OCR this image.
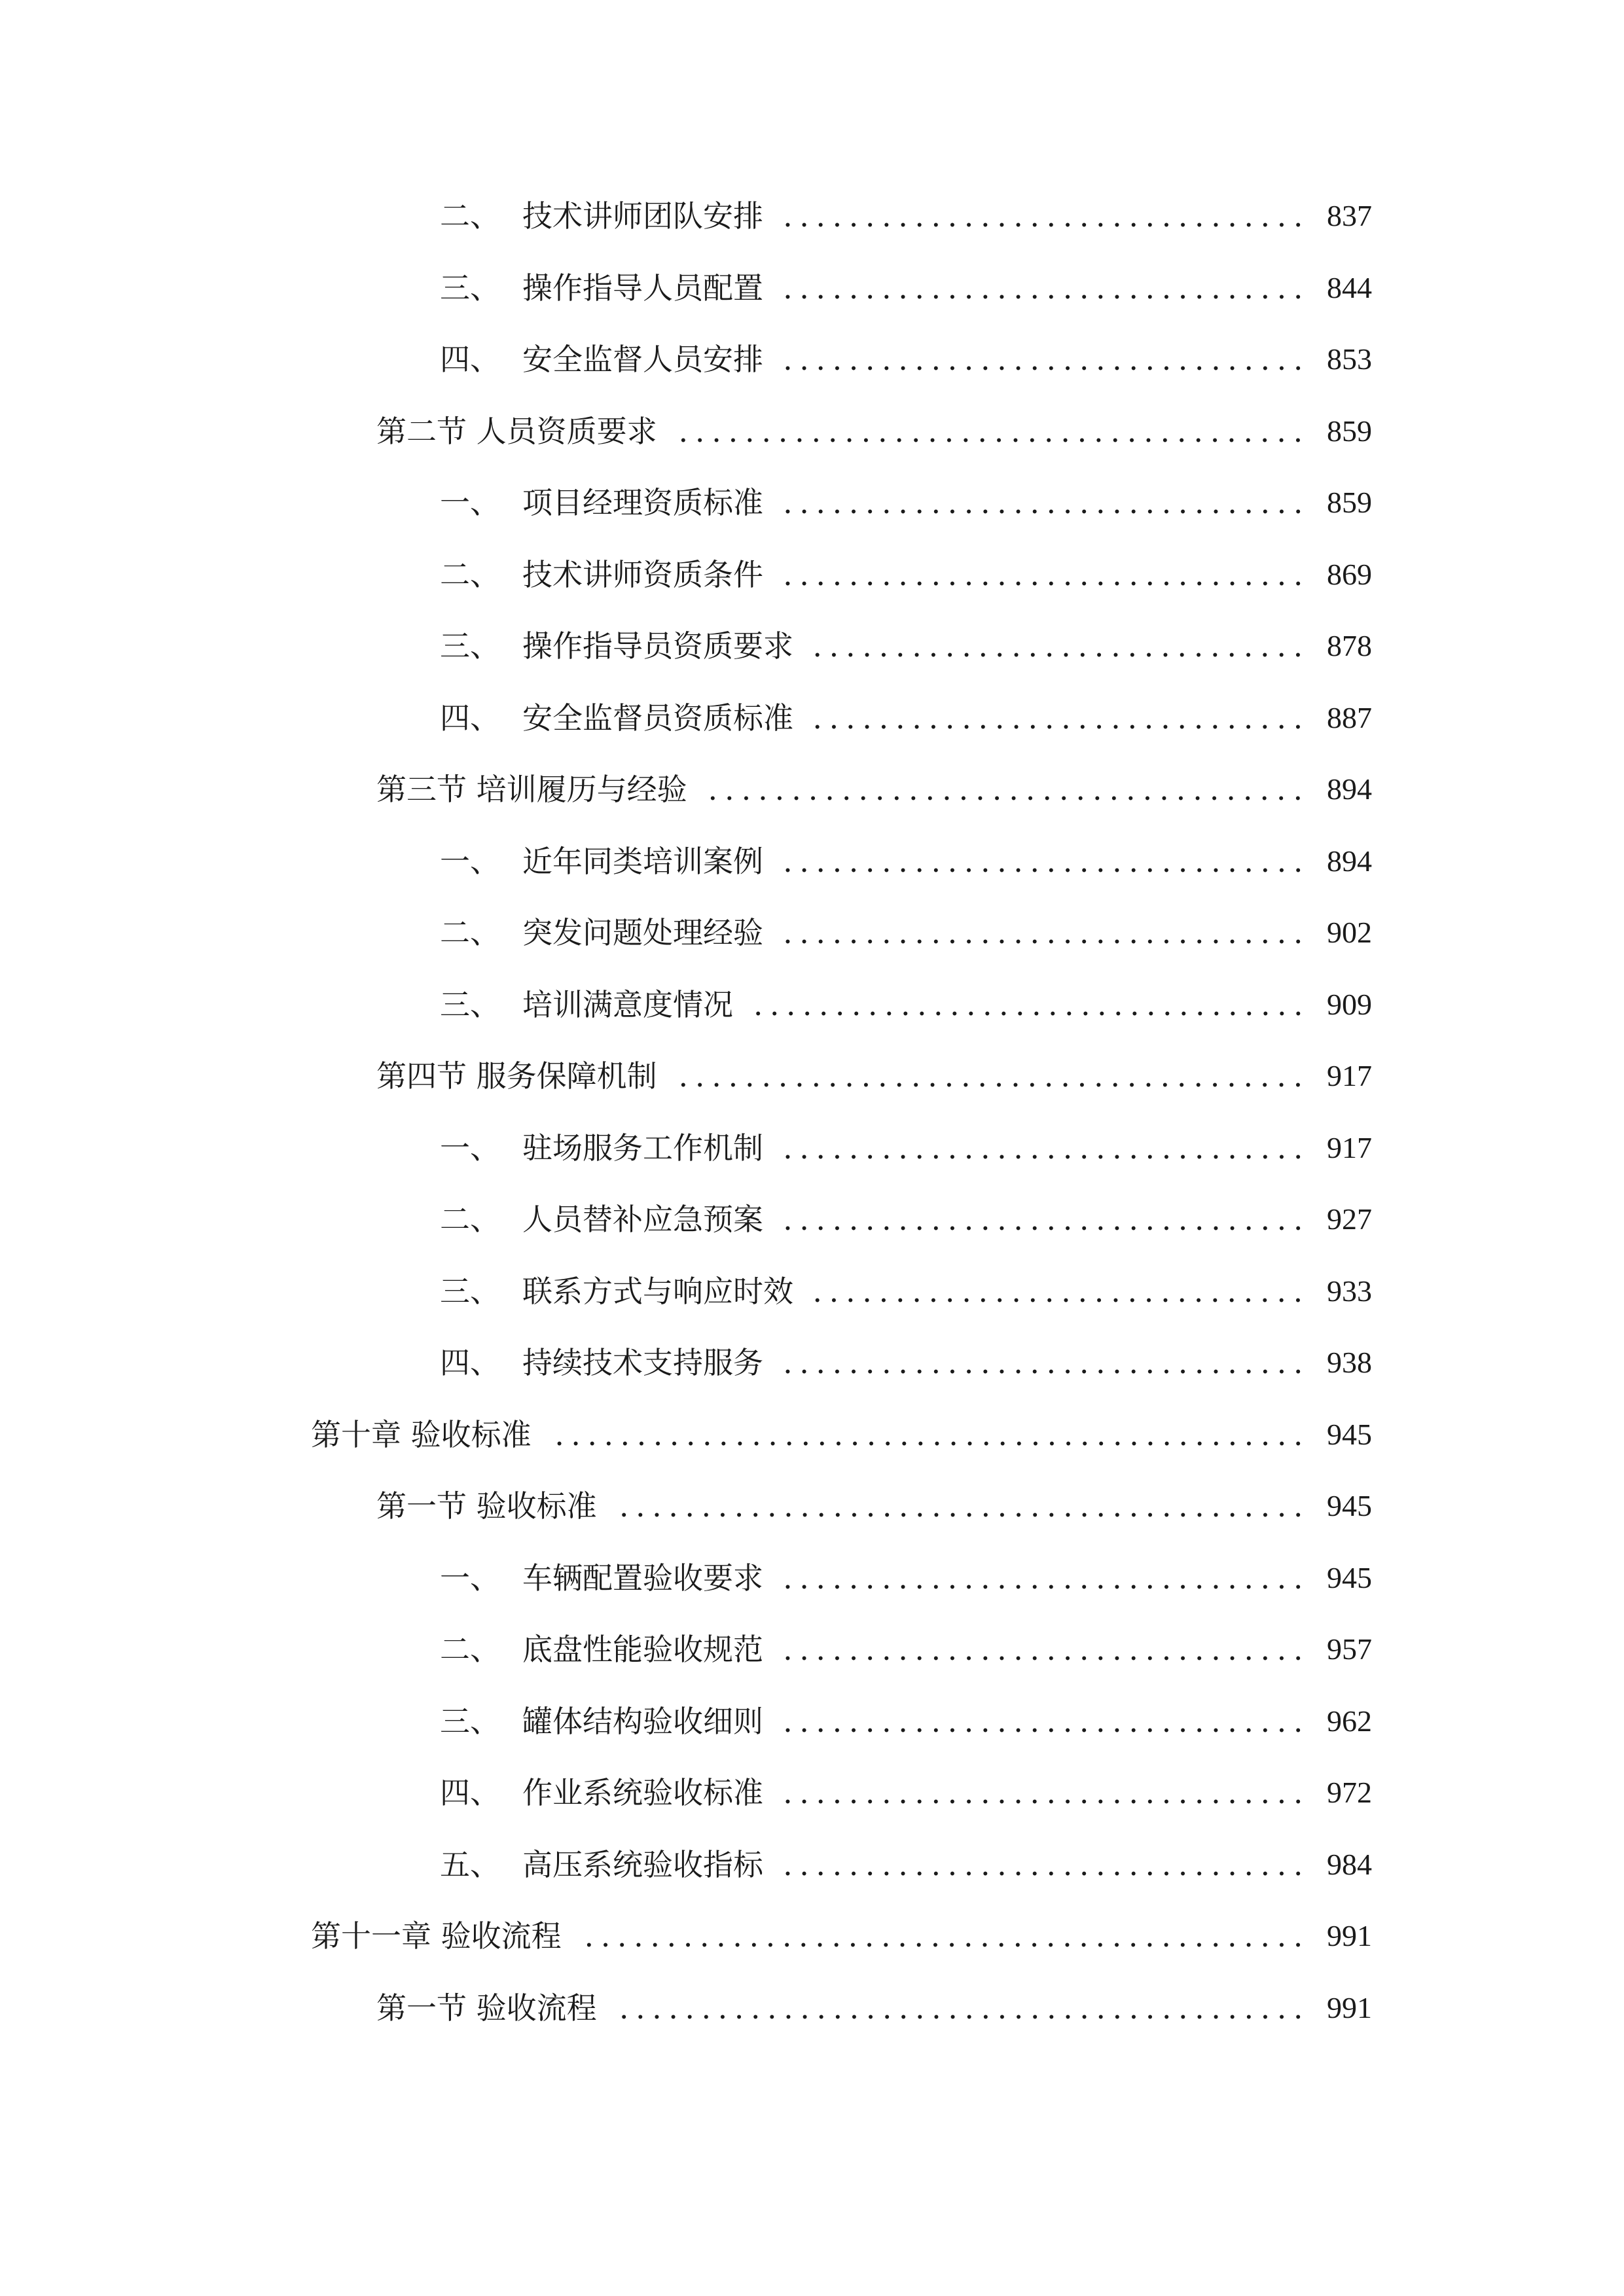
二、 技术讲师团队安排 ................................ 837
三、 操作指导人员配置 ................................ 844
四、 安全监督人员安排 ................................ 853
第二节 人员资质要求 ...................................... 859
一、 项目经理资质标准 ................................ 859
二、 技术讲师资质条件 ................................ 869
三、 操作指导员资质要求 .............................. 878
四、 安全监督员资质标准 .............................. 887
第三节 培训履历与经验 .................................... 894
一、 近年同类培训案例 ................................ 894
二、 突发问题处理经验 ................................ 902
三、 培训满意度情况 .................................. 909
第四节 服务保障机制 ...................................... 917
一、 驻场服务工作机制 ................................ 917
二、 人员替补应急预案 ................................ 927
三、 联系方式与响应时效 .............................. 933
四、 持续技术支持服务 ................................ 938
第十章 验收标准 .............................................. 945
第一节 验收标准 .......................................... 945
一、 车辆配置验收要求 ................................ 945
二、 底盘性能验收规范 ................................ 957
三、 罐体结构验收细则 ................................ 962
四、 作业系统验收标准 ................................ 972
五、 高压系统验收指标 ................................ 984
第十一章 验收流程 ............................................ 991
第一节 验收流程 .......................................... 991
